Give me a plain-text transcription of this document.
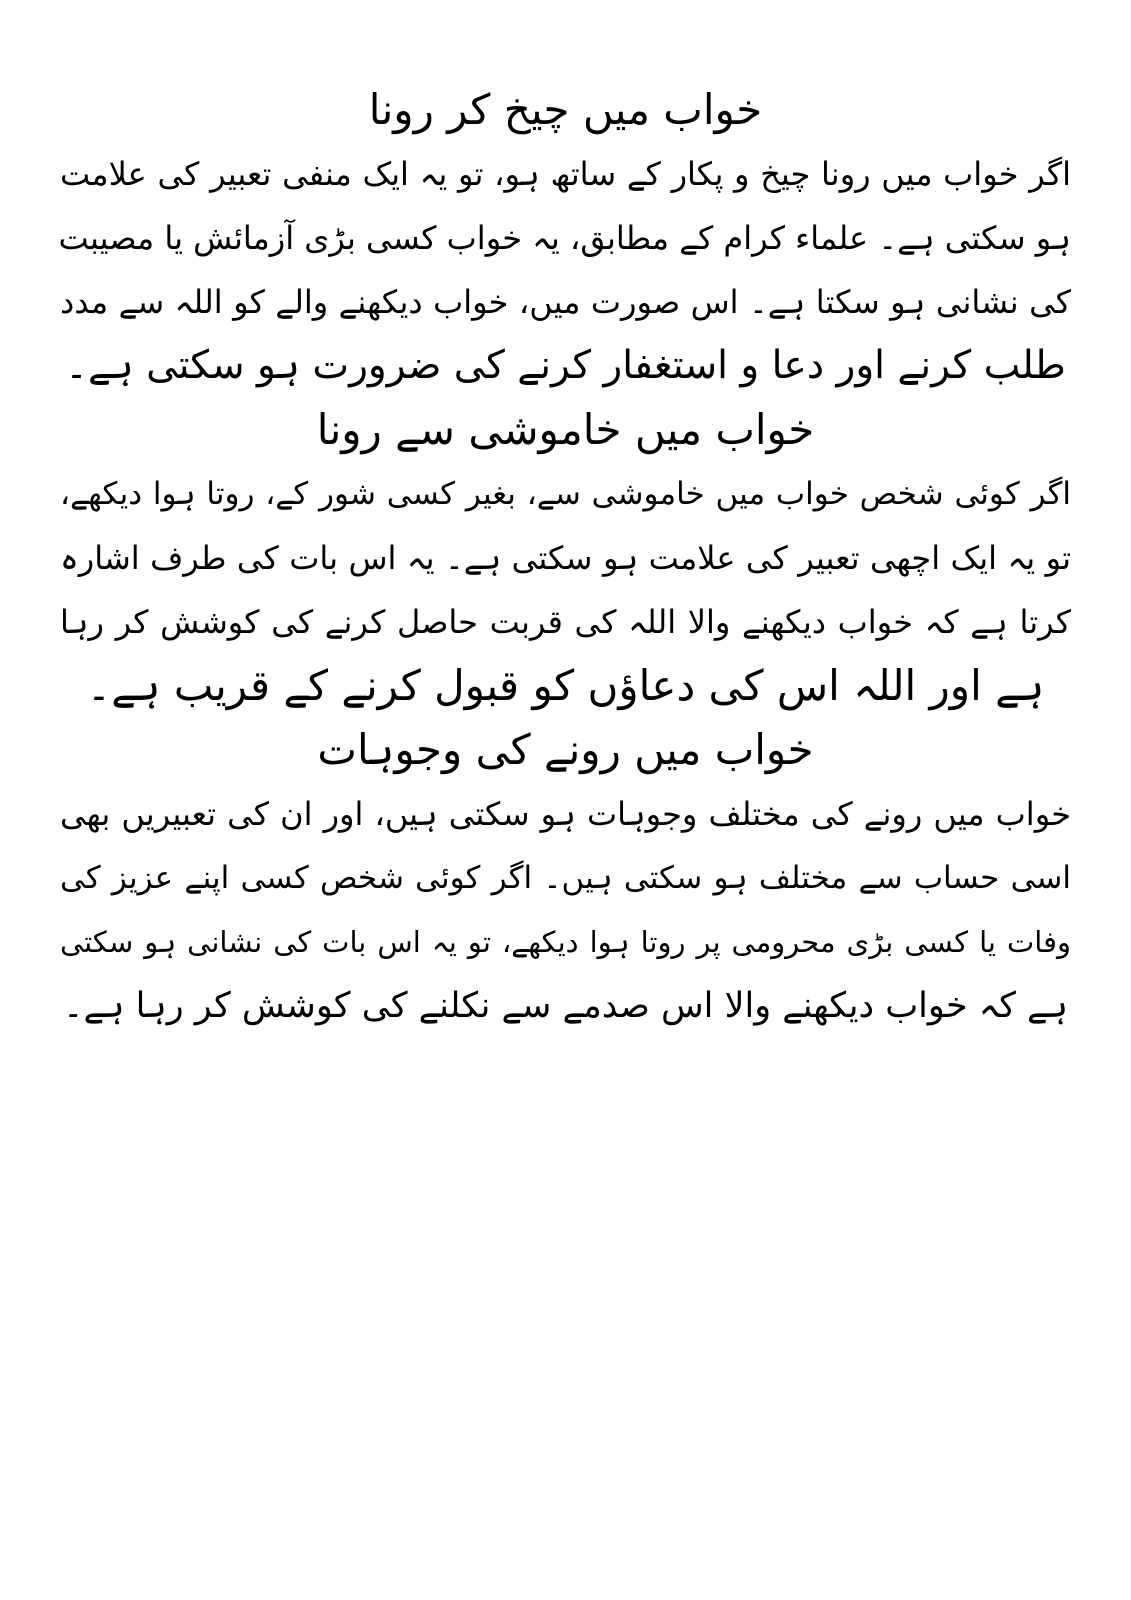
خواب میں چیخ کر رونا
اگر خواب میں رونا چیخ و پکار کے ساتھ ہو، تو یہ ایک منفی تعبیر کی علامت
ہو سکتی ہے۔ علماء کرام کے مطابق، یہ خواب کسی بڑی آزمائش یا مصیبت
کی نشانی ہو سکتا ہے۔ اس صورت میں، خواب دیکھنے والے کو اللہ سے مدد
طلب کرنے اور دعا و استغفار کرنے کی ضرورت ہو سکتی ہے۔
خواب میں خاموشی سے رونا
اگر کوئی شخص خواب میں خاموشی سے، بغیر کسی شور کے، روتا ہوا دیکھے،
تو یہ ایک اچھی تعبیر کی علامت ہو سکتی ہے۔ یہ اس بات کی طرف اشارہ
کرتا ہے کہ خواب دیکھنے والا اللہ کی قربت حاصل کرنے کی کوشش کر رہا
ہے اور اللہ اس کی دعاؤں کو قبول کرنے کے قریب ہے۔
خواب میں رونے کی وجوہات
خواب میں رونے کی مختلف وجوہات ہو سکتی ہیں، اور ان کی تعبیریں بھی
اسی حساب سے مختلف ہو سکتی ہیں۔ اگر کوئی شخص کسی اپنے عزیز کی
وفات یا کسی بڑی محرومی پر روتا ہوا دیکھے، تو یہ اس بات کی نشانی ہو سکتی
ہے کہ خواب دیکھنے والا اس صدمے سے نکلنے کی کوشش کر رہا ہے۔
